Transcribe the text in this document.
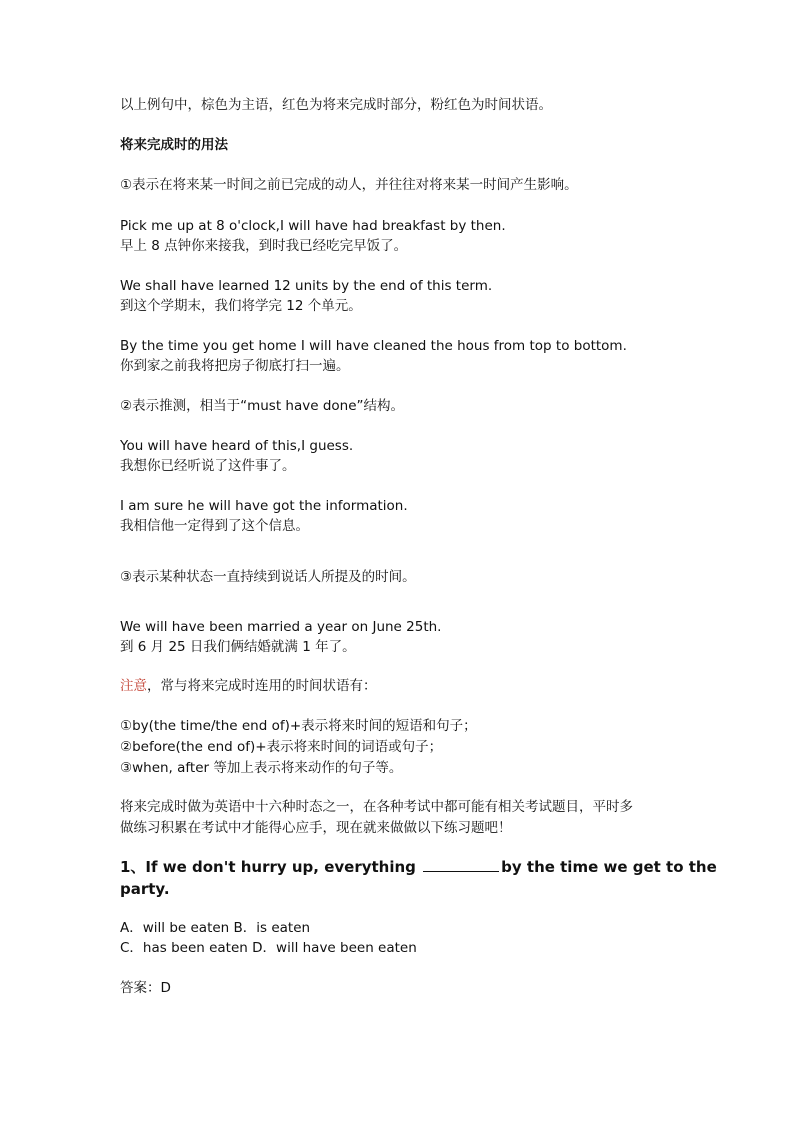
以上例句中，棕色为主语，红色为将来完成时部分，粉红色为时间状语。
将来完成时的用法
①表示在将来某一时间之前已完成的动人，并往往对将来某一时间产生影响。
Pick me up at 8 o'clock,I will have had breakfast by then.
早上 8 点钟你来接我，到时我已经吃完早饭了。
We shall have learned 12 units by the end of this term.
到这个学期末，我们将学完 12 个单元。
By the time you get home I will have cleaned the hous from top to bottom.
你到家之前我将把房子彻底打扫一遍。
②表示推测，相当于“must have done”结构。
You will have heard of this,I guess.
我想你已经听说了这件事了。
I am sure he will have got the information.
我相信他一定得到了这个信息。
③表示某种状态一直持续到说话人所提及的时间。
We will have been married a year on June 25th.
到 6 月 25 日我们俩结婚就满 1 年了。
注意，常与将来完成时连用的时间状语有：
①by(the time/the end of)+表示将来时间的短语和句子；
②before(the end of)+表示将来时间的词语或句子；
③when, after 等加上表示将来动作的句子等。
将来完成时做为英语中十六种时态之一，在各种考试中都可能有相关考试题目，平时多
做练习积累在考试中才能得心应手，现在就来做做以下练习题吧！
1、If we don't hurry up, everything	by the time we get to the
party.
A．will be eaten B．is eaten
C．has been eaten D．will have been eaten
答案：D
